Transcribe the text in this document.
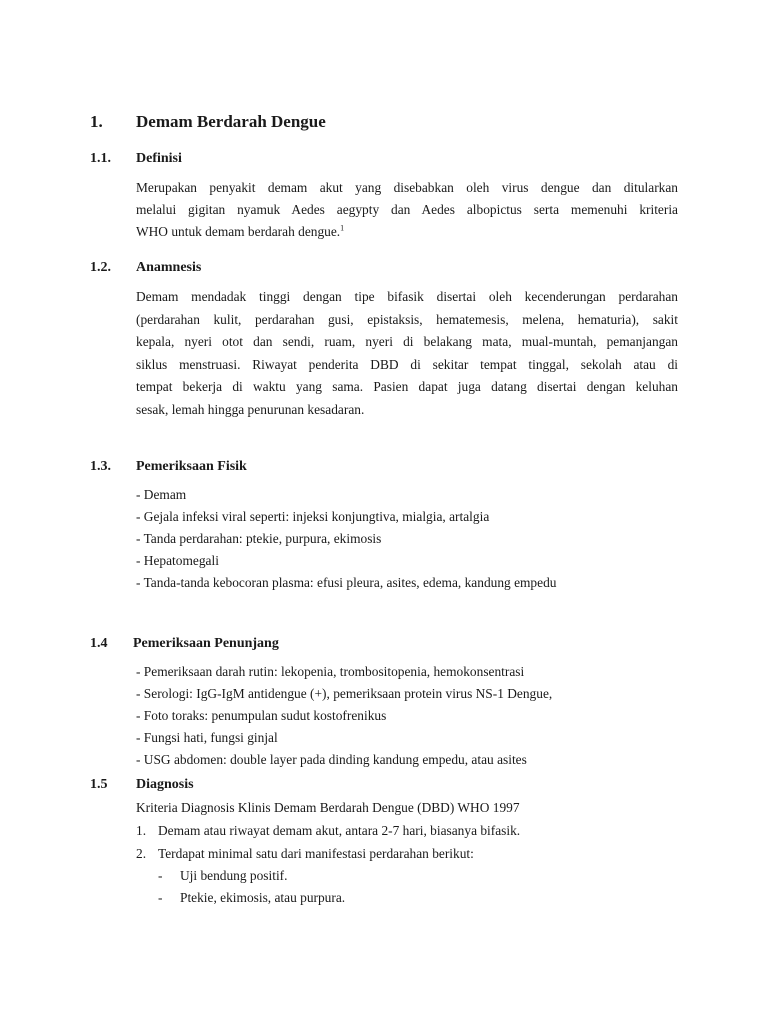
1. Demam Berdarah Dengue
1.1. Definisi
Merupakan penyakit demam akut yang disebabkan oleh virus dengue dan ditularkan
melalui gigitan nyamuk Aedes aegypty dan Aedes albopictus serta memenuhi kriteria
WHO untuk demam berdarah dengue.$^1$
1.2. Anamnesis
Demam mendadak tinggi dengan tipe bifasik disertai oleh kecenderungan perdarahan
(perdarahan kulit, perdarahan gusi, epistaksis, hematemesis, melena, hematuria), sakit
kepala, nyeri otot dan sendi, ruam, nyeri di belakang mata, mual-muntah, pemanjangan
siklus menstruasi. Riwayat penderita DBD di sekitar tempat tinggal, sekolah atau di
tempat bekerja di waktu yang sama. Pasien dapat juga datang disertai dengan keluhan
sesak, lemah hingga penurunan kesadaran.
1.3. Pemeriksaan Fisik
- Demam
- Gejala infeksi viral seperti: injeksi konjungtiva, mialgia, artalgia
- Tanda perdarahan: ptekie, purpura, ekimosis
- Hepatomegali
- Tanda-tanda kebocoran plasma: efusi pleura, asites, edema, kandung empedu
1.4 Pemeriksaan Penunjang
- Pemeriksaan darah rutin: lekopenia, trombositopenia, hemokonsentrasi
- Serologi: IgG-IgM antidengue (+), pemeriksaan protein virus NS-1 Dengue,
- Foto toraks: penumpulan sudut kostofrenikus
- Fungsi hati, fungsi ginjal
- USG abdomen: double layer pada dinding kandung empedu, atau asites
1.5 Diagnosis
Kriteria Diagnosis Klinis Demam Berdarah Dengue (DBD) WHO 1997
1. Demam atau riwayat demam akut, antara 2-7 hari, biasanya bifasik.
2. Terdapat minimal satu dari manifestasi perdarahan berikut:
- Uji bendung positif.
- Ptekie, ekimosis, atau purpura.
